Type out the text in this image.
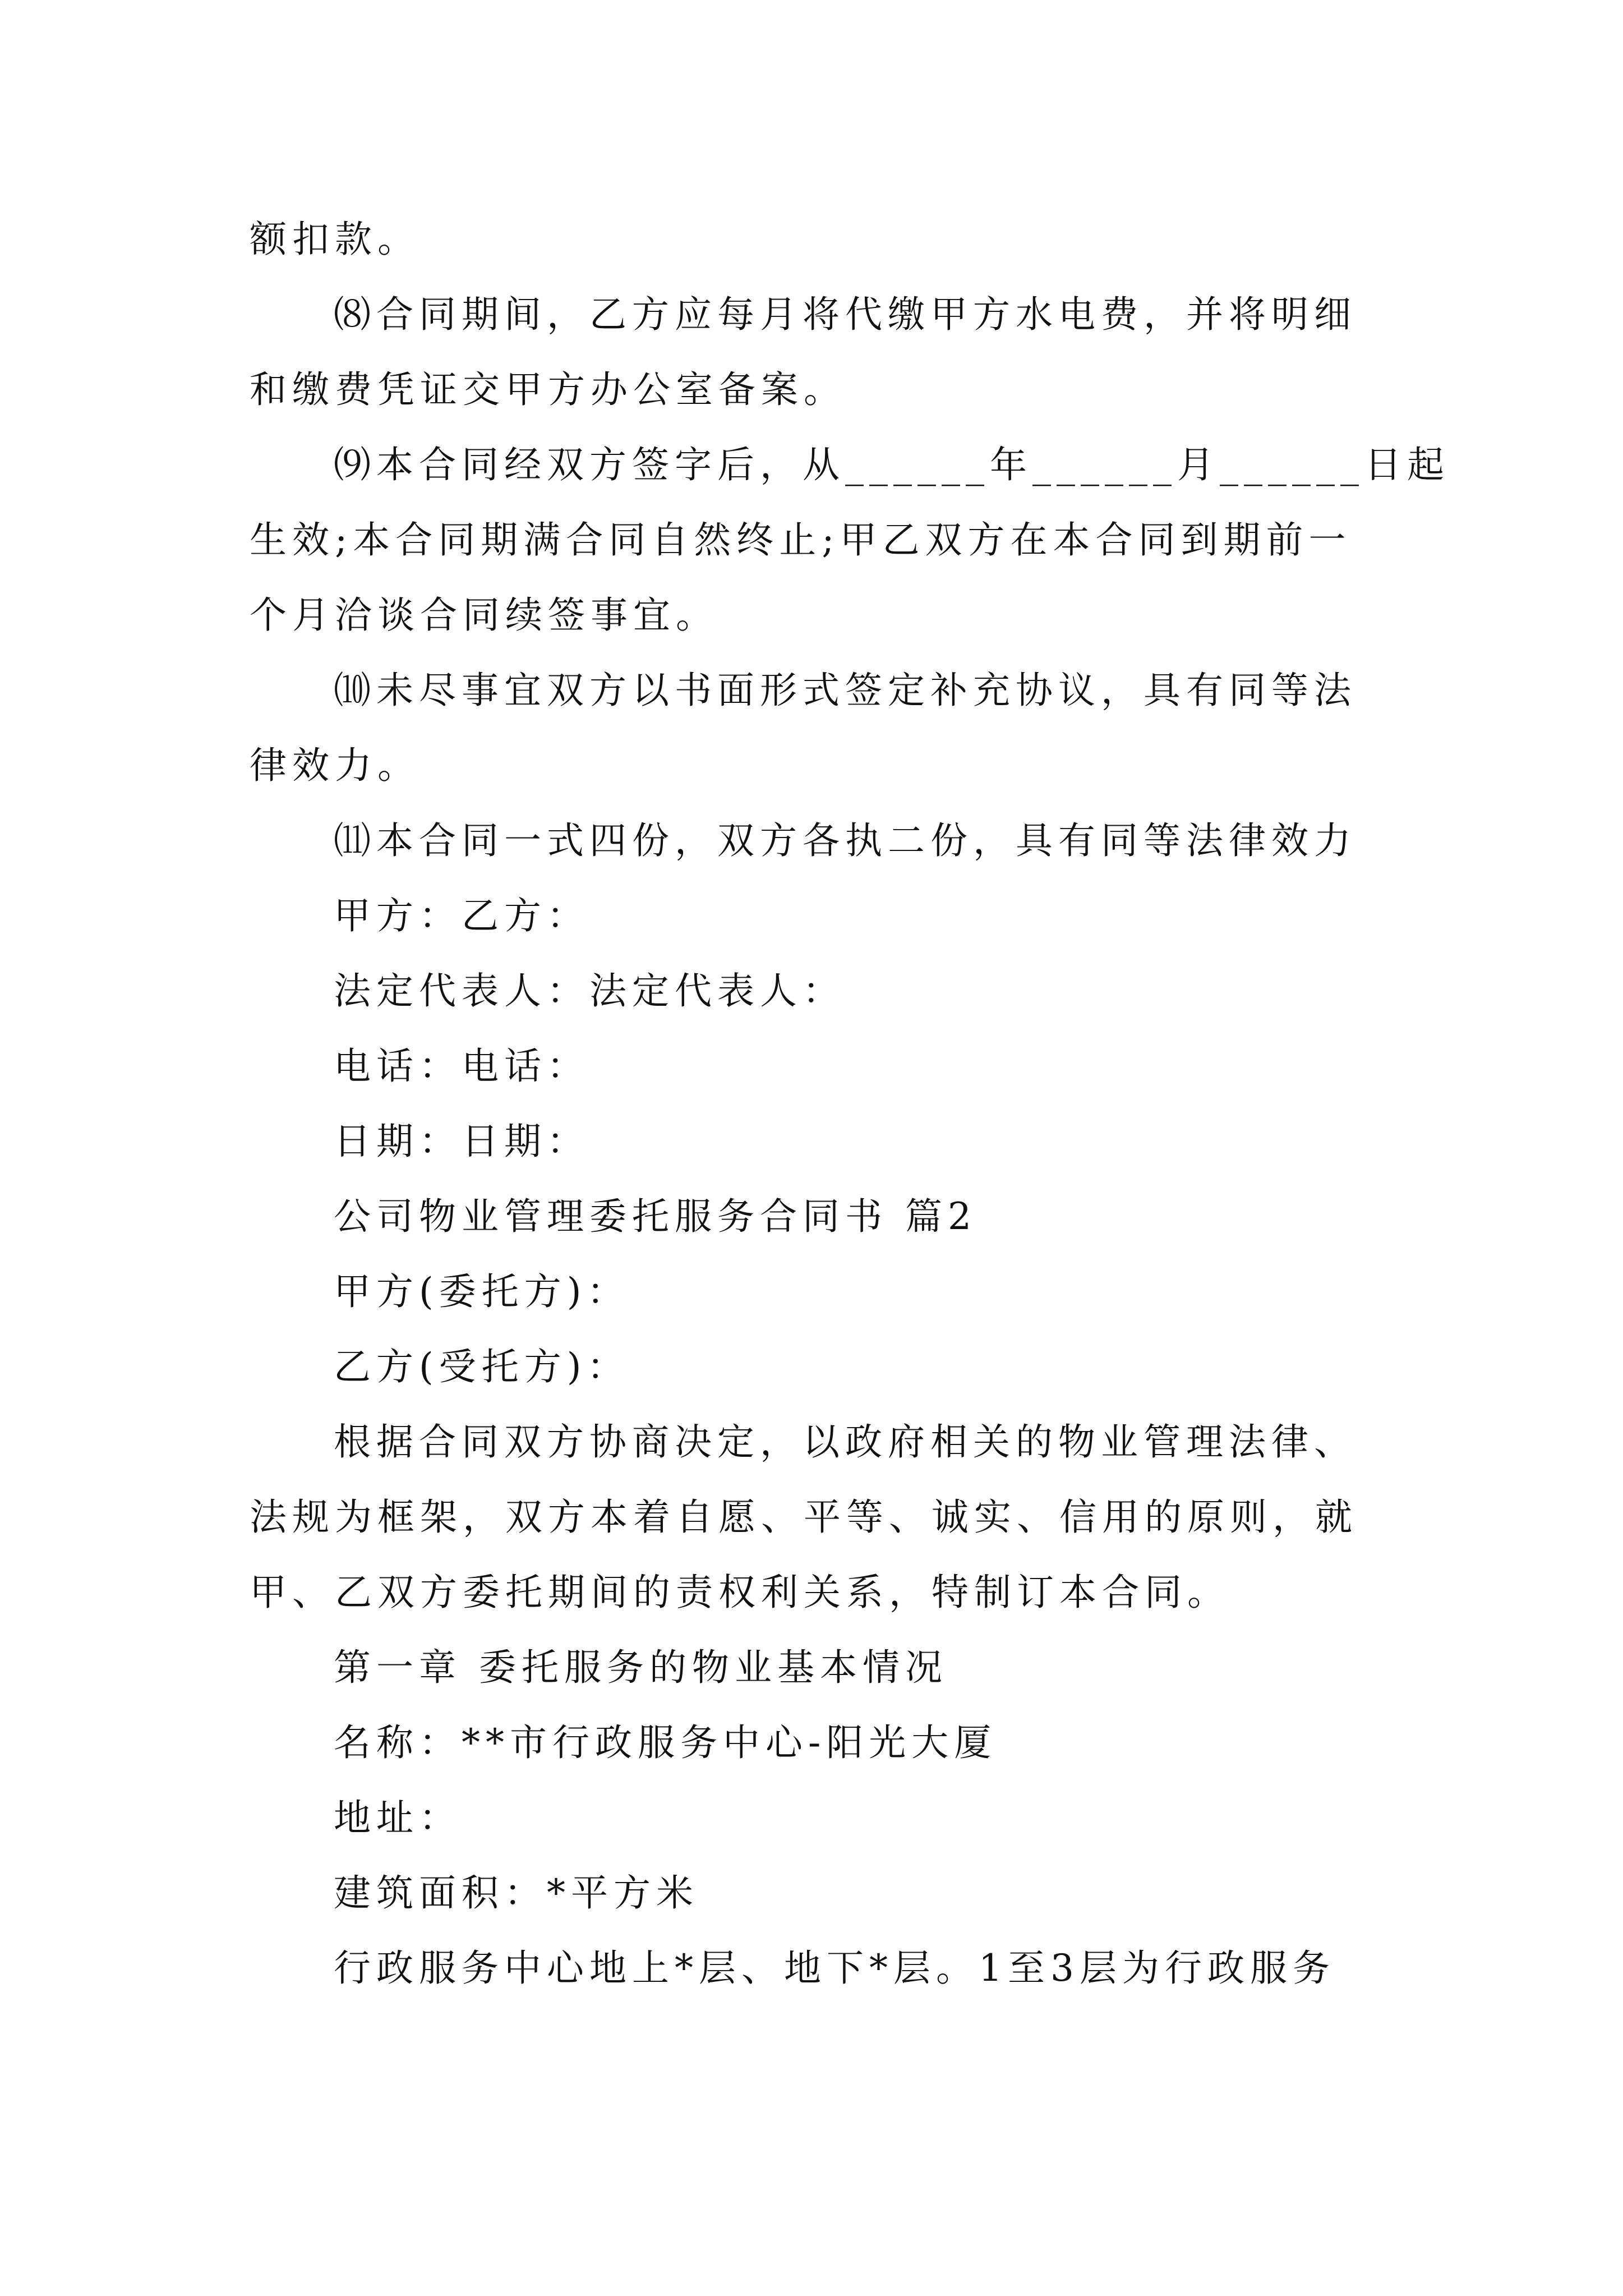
额扣款。
⑻合同期间，乙方应每月将代缴甲方水电费，并将明细
和缴费凭证交甲方办公室备案。
⑼本合同经双方签字后，从______年______月______日起
生效;本合同期满合同自然终止;甲乙双方在本合同到期前一
个月洽谈合同续签事宜。
⑽未尽事宜双方以书面形式签定补充协议，具有同等法
律效力。
⑾本合同一式四份，双方各执二份，具有同等法律效力
甲方：乙方：
法定代表人：法定代表人：
电话：电话：
日期：日期：
公司物业管理委托服务合同书 篇2
甲方(委托方)：
乙方(受托方)：
根据合同双方协商决定，以政府相关的物业管理法律、
法规为框架，双方本着自愿、平等、诚实、信用的原则，就
甲、乙双方委托期间的责权利关系，特制订本合同。
第一章 委托服务的物业基本情况
名称：**市行政服务中心-阳光大厦
地址：
建筑面积：*平方米
行政服务中心地上*层、地下*层。1至3层为行政服务
